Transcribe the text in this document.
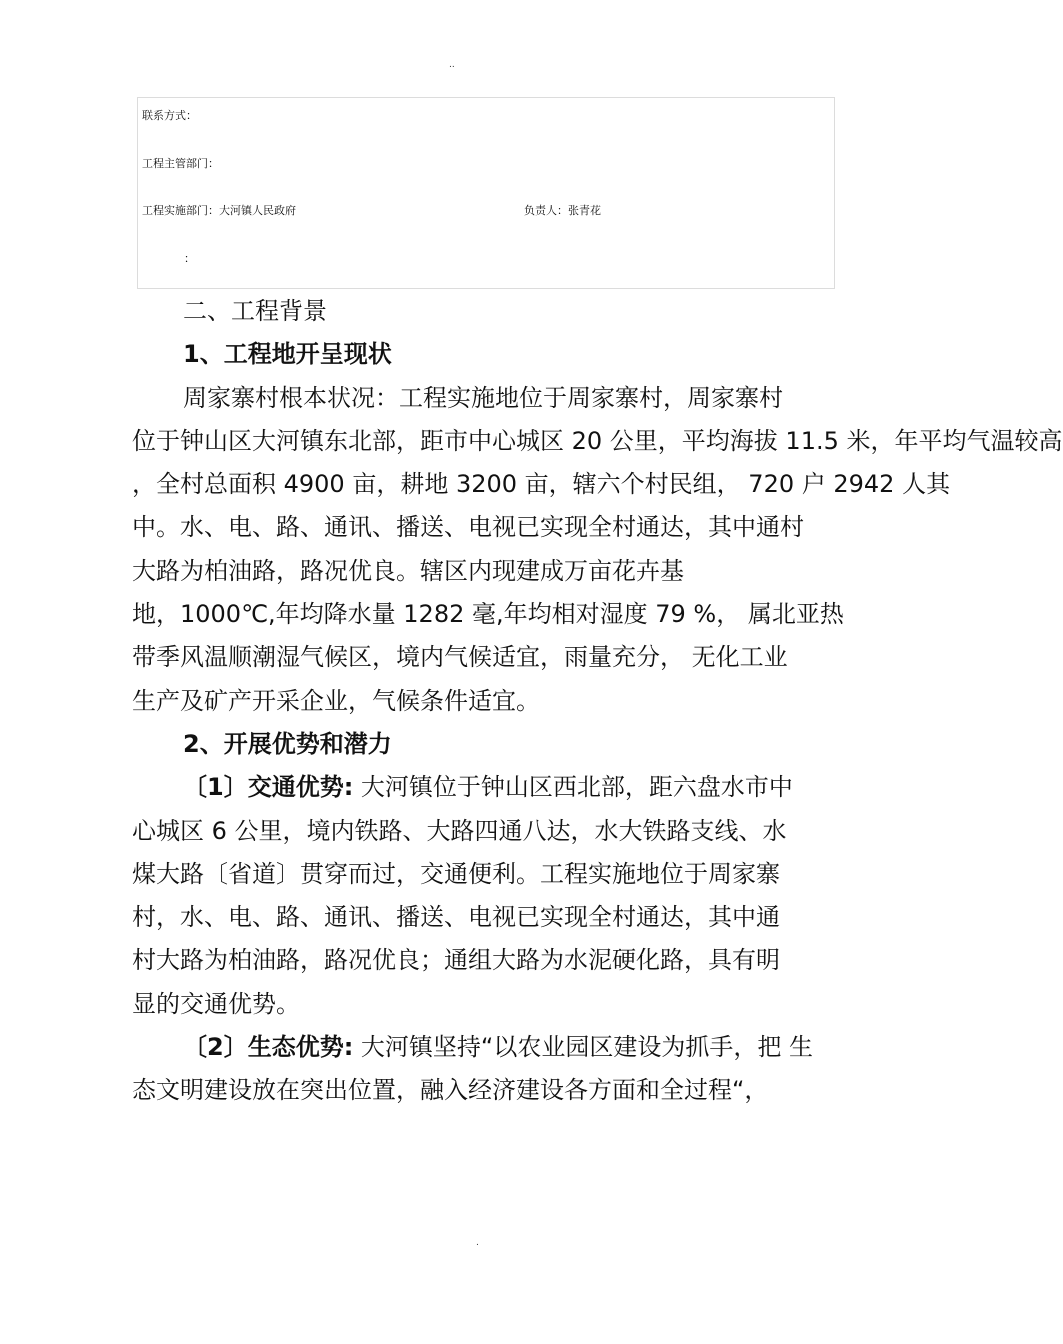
..
联系方式：
工程主管部门：
工程实施部门：大河镇人民政府	负责人：张青花
：
二、工程背景
1、工程地开呈现状
周家寨村根本状况：工程实施地位于周家寨村，周家寨村
位于钟山区大河镇东北部，距市中心城区 20 公里，平均海拔 11.5 米，年平均气温较高
，全村总面积 4900 亩，耕地 3200 亩，辖六个村民组， 720 户 2942 人其
中。水、电、路、通讯、播送、电视已实现全村通达，其中通村
大路为柏油路，路况优良。辖区内现建成万亩花卉基
地，1000℃,年均降水量 1282 毫,年均相对湿度 79 %， 属北亚热
带季风温顺潮湿气候区，境内气候适宜，雨量充分， 无化工业
生产及矿产开采企业，气候条件适宜。
2、开展优势和潜力
〔1〕交通优势: 大河镇位于钟山区西北部，距六盘水市中
心城区 6 公里，境内铁路、大路四通八达，水大铁路支线、水
煤大路〔省道〕贯穿而过，交通便利。工程实施地位于周家寨
村，水、电、路、通讯、播送、电视已实现全村通达，其中通
村大路为柏油路，路况优良；通组大路为水泥硬化路，具有明
显的交通优势。
〔2〕生态优势: 大河镇坚持“以农业园区建设为抓手，把 生
态文明建设放在突出位置，融入经济建设各方面和全过程“，
.
